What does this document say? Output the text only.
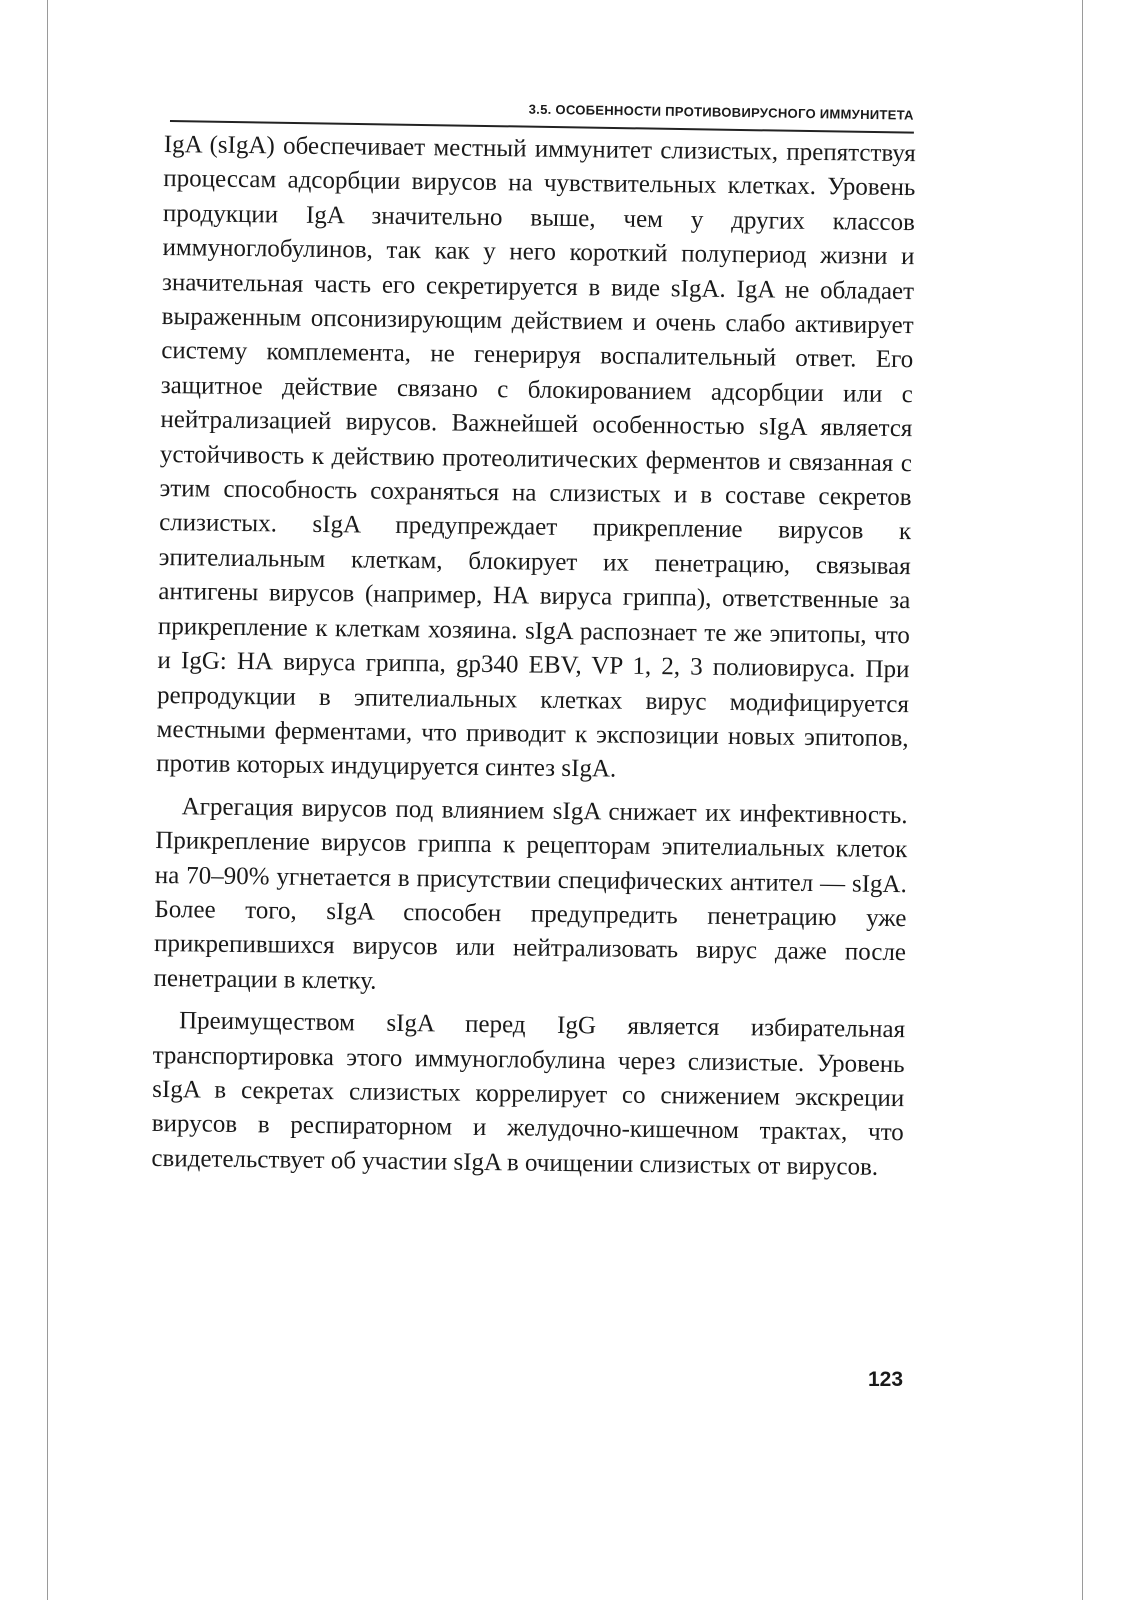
3.5. ОСОБЕННОСТИ ПРОТИВОВИРУСНОГО ИММУНИТЕТА

IgA (sIgA) обеспечивает местный иммунитет слизистых, препятствуя процессам адсорбции вирусов на чувствительных клетках. Уровень продукции IgA значительно выше, чем у других классов иммуноглобулинов, так как у него короткий полупериод жизни и значительная часть его секретируется в виде sIgA. IgA не обладает выраженным опсонизирующим действием и очень слабо активирует систему комплемента, не генерируя воспалительный ответ. Его защитное действие связано с блокированием адсорбции или с нейтрализацией вирусов. Важнейшей особенностью sIgA является устойчивость к действию протеолитических ферментов и связанная с этим способность сохраняться на слизистых и в составе секретов слизистых. sIgA предупреждает прикрепление вирусов к эпителиальным клеткам, блокирует их пенетрацию, связывая антигены вирусов (например, НА вируса гриппа), ответственные за прикрепление к клеткам хозяина. sIgA распознает те же эпитопы, что и IgG: НА вируса гриппа, gp340 EBV, VP 1, 2, 3 полиовируса. При репродукции в эпителиальных клетках вирус модифицируется местными ферментами, что приводит к экспозиции новых эпитопов, против которых индуцируется синтез sIgA.

Агрегация вирусов под влиянием sIgA снижает их инфективность. Прикрепление вирусов гриппа к рецепторам эпителиальных клеток на 70–90% угнетается в присутствии специфических антител — sIgA. Более того, sIgA способен предупредить пенетрацию уже прикрепившихся вирусов или нейтрализовать вирус даже после пенетрации в клетку.

Преимуществом sIgA перед IgG является избирательная транспортировка этого иммуноглобулина через слизистые. Уровень sIgA в секретах слизистых коррелирует со снижением экскреции вирусов в респираторном и желудочно-кишечном трактах, что свидетельствует об участии sIgA в очищении слизистых от вирусов.

123
